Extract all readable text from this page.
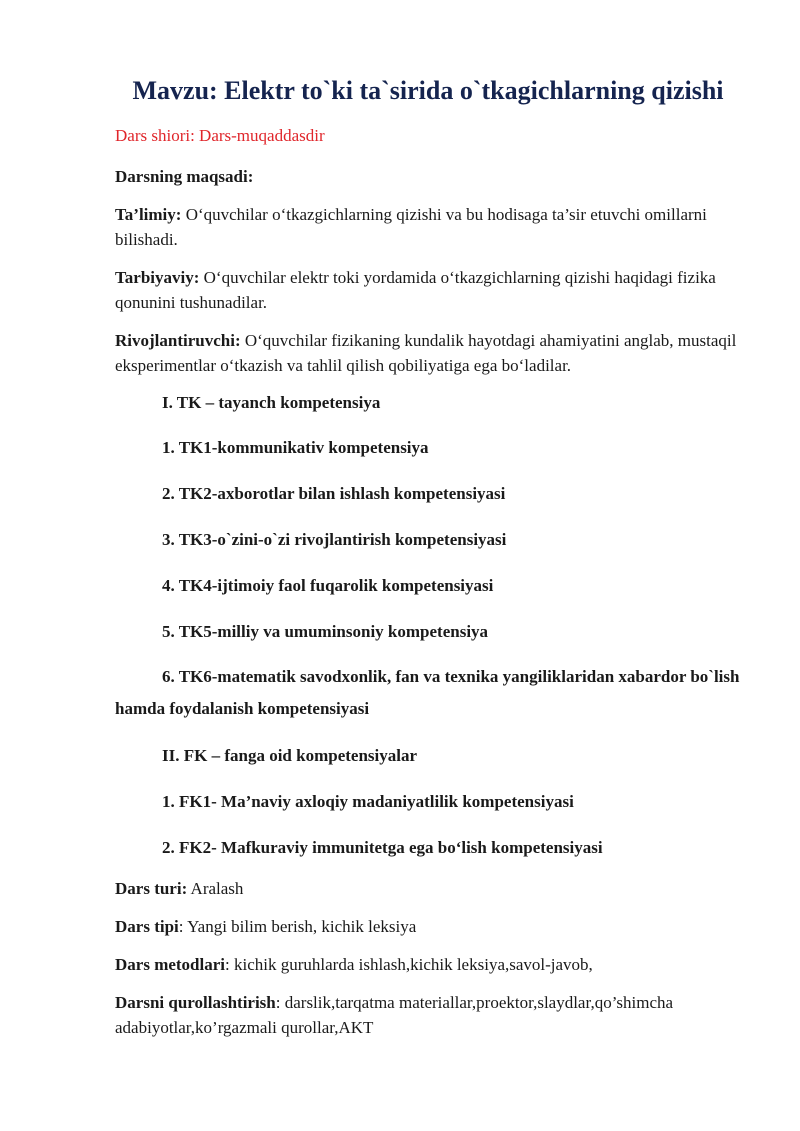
Mavzu: Elektr to`ki ta`sirida o`tkagichlarning qizishi
Dars shiori: Dars-muqaddasdir
Darsning maqsadi:
Ta’limiy: O‘quvchilar o‘tkazgichlarning qizishi va bu hodisaga ta’sir etuvchi omillarni bilishadi.
Tarbiyaviy: O‘quvchilar elektr toki yordamida o‘tkazgichlarning qizishi haqidagi fizika qonunini tushunadilar.
Rivojlantiruvchi: O‘quvchilar fizikaning kundalik hayotdagi ahamiyatini anglab, mustaqil eksperimentlar o‘tkazish va tahlil qilish qobiliyatiga ega bo‘ladilar.
I. TK – tayanch kompetensiya
1. TK1-kommunikativ kompetensiya
2. TK2-axborotlar bilan ishlash kompetensiyasi
3. TK3-o`zini-o`zi rivojlantirish kompetensiyasi
4. TK4-ijtimoiy faol fuqarolik kompetensiyasi
5. TK5-milliy va umuminsoniy kompetensiya
6. TK6-matematik savodxonlik, fan va texnika yangiliklaridan xabardor bo`lish hamda foydalanish kompetensiyasi
II. FK – fanga oid kompetensiyalar
1. FK1- Ma’naviy axloqiy madaniyatlilik kompetensiyasi
2. FK2- Mafkuraviy immunitetga ega bo‘lish kompetensiyasi
Dars turi: Aralash
Dars tipi: Yangi bilim berish, kichik leksiya
Dars metodlari: kichik guruhlarda ishlash,kichik leksiya,savol-javob,
Darsni qurollashtirish: darslik,tarqatma materiallar,proektor,slaydlar,qo’shimcha adabiyotlar,ko’rgazmali qurollar,AKT
